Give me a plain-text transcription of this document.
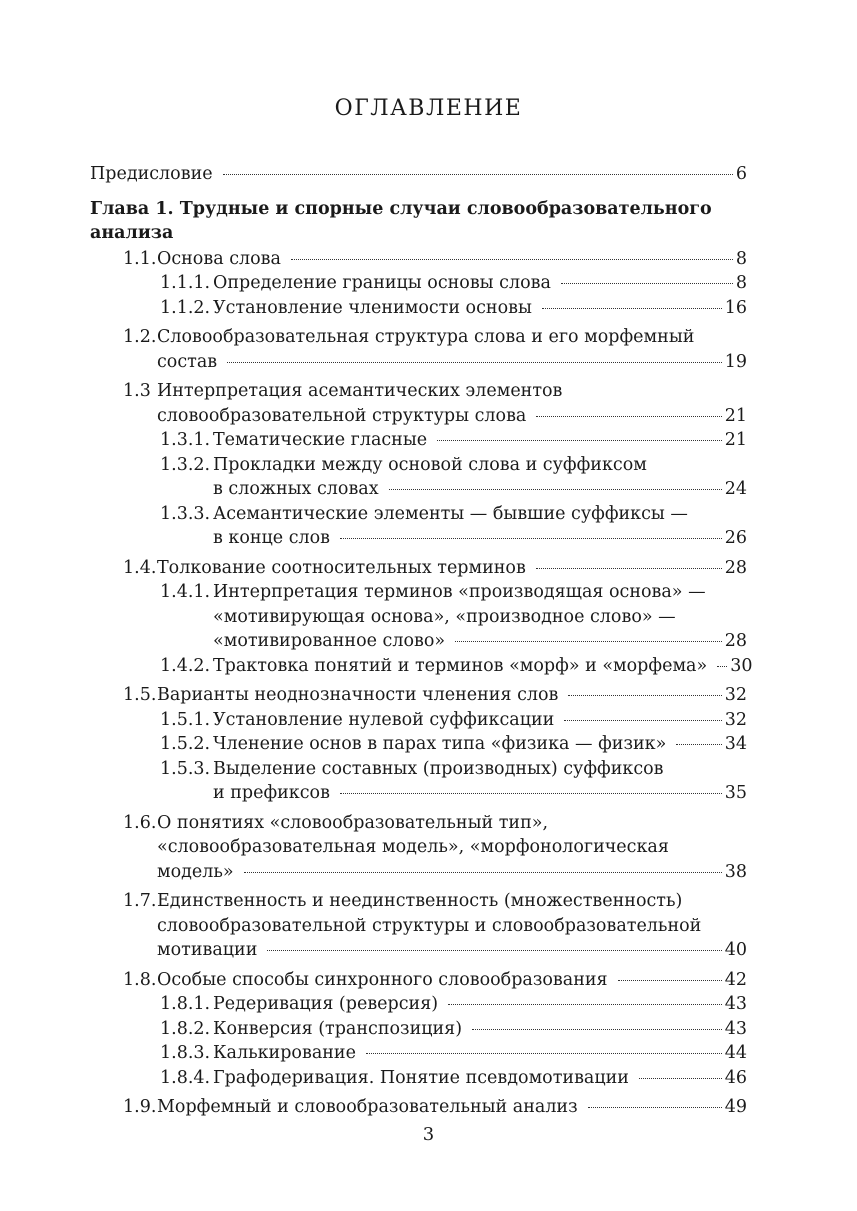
ОГЛАВЛЕНИЕ
Предисловие	6
Глава 1. Трудные и спорные случаи словообразовательного анализа
1.1. Основа слова	8
1.1.1. Определение границы основы слова	8
1.1.2. Установление членимости основы	16
1.2. Словообразовательная структура слова и его морфемный
состав	19
1.3 Интерпретация асемантических элементов
словообразовательной структуры слова	21
1.3.1. Тематические гласные	21
1.3.2. Прокладки между основой слова и суффиксом
в сложных словах	24
1.3.3. Асемантические элементы — бывшие суффиксы —
в конце слов	26
1.4. Толкование соотносительных терминов	28
1.4.1. Интерпретация терминов «производящая основа» —
«мотивирующая основа», «производное слово» —
«мотивированное слово»	28
1.4.2. Трактовка понятий и терминов «морф» и «морфема» 30
1.5. Варианты неоднозначности членения слов	32
1.5.1. Установление нулевой суффиксации	32
1.5.2. Членение основ в парах типа «физика — физик»	34
1.5.3. Выделение составных (производных) суффиксов
и префиксов	35
1.6. О понятиях «словообразовательный тип»,
«словообразовательная модель», «морфонологическая
модель»	38
1.7. Единственность и неединственность (множественность)
словообразовательной структуры и словообразовательной
мотивации	40
1.8. Особые способы синхронного словообразования	42
1.8.1. Редеривация (реверсия)	43
1.8.2. Конверсия (транспозиция)	43
1.8.3. Калькирование	44
1.8.4. Графодеривация. Понятие псевдомотивации	46
1.9. Морфемный и словообразовательный анализ	49
3
